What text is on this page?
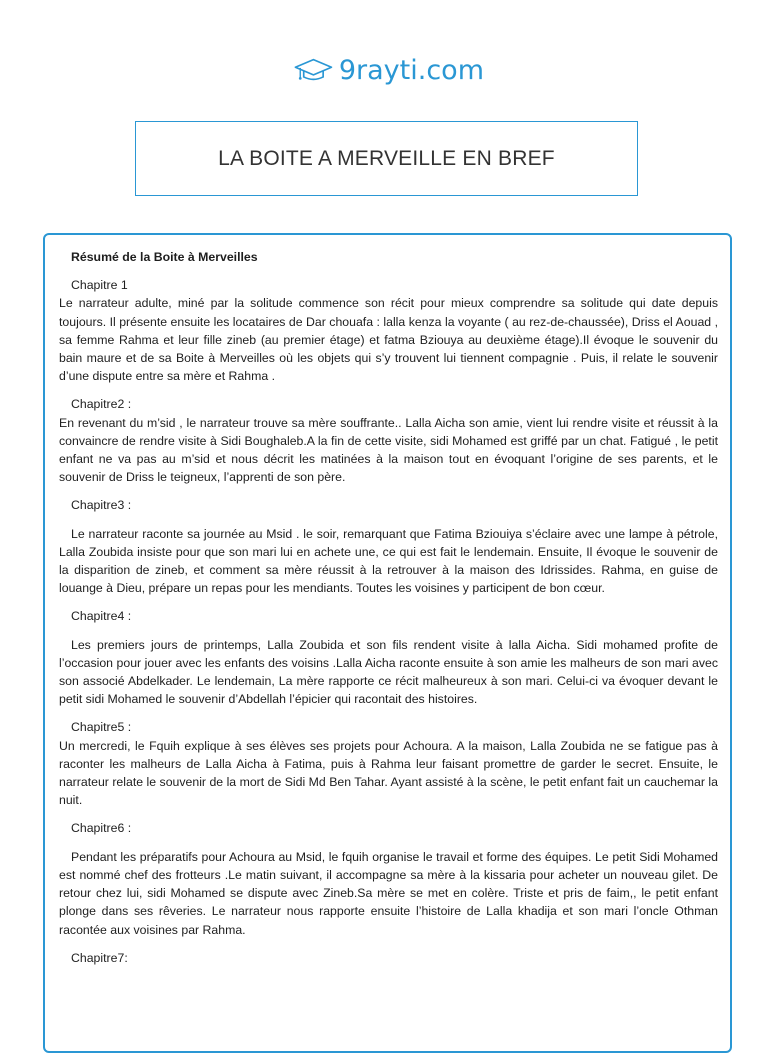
9rayti.com
LA BOITE A MERVEILLE EN BREF

Résumé de la Boite à Merveilles

Chapitre 1

Le narrateur adulte, miné par la solitude commence son récit pour mieux comprendre sa solitude qui date depuis toujours. Il présente ensuite les locataires de Dar chouafa : lalla kenza la voyante ( au rez-de-chaussée), Driss el Aouad , sa femme Rahma et leur fille zineb (au premier étage) et fatma Bziouya au deuxième étage).Il évoque le souvenir du bain maure et de sa Boite à Merveilles où les objets qui s’y trouvent lui tiennent compagnie . Puis, il relate le souvenir d’une dispute entre sa mère et Rahma .

Chapitre2 :

En revenant du m’sid , le narrateur trouve sa mère souffrante.. Lalla Aicha son amie, vient lui rendre visite et réussit à la convaincre de rendre visite à Sidi Boughaleb.A la fin de cette visite, sidi Mohamed est griffé par un chat. Fatigué , le petit enfant ne va pas au m’sid et nous décrit les matinées à la maison tout en évoquant l’origine de ses parents, et le souvenir de Driss le teigneux, l’apprenti de son père.

Chapitre3 :

Le narrateur raconte sa journée au Msid . le soir, remarquant que Fatima Bziouiya s’éclaire avec une lampe à pétrole, Lalla Zoubida insiste pour que son mari lui en achete une, ce qui est fait le lendemain. Ensuite, Il évoque le souvenir de la disparition de zineb, et comment sa mère réussit à la retrouver à la maison des Idrissides. Rahma, en guise de louange à Dieu, prépare un repas pour les mendiants. Toutes les voisines y participent de bon cœur.

Chapitre4 :

Les premiers jours de printemps, Lalla Zoubida et son fils rendent visite à lalla Aicha. Sidi mohamed profite de l’occasion pour jouer avec les enfants des voisins .Lalla Aicha raconte ensuite à son amie les malheurs de son mari avec son associé Abdelkader. Le lendemain, La mère rapporte ce récit malheureux à son mari. Celui-ci va évoquer devant le petit sidi Mohamed le souvenir d’Abdellah l’épicier qui racontait des histoires.

Chapitre5 :

Un mercredi, le Fquih explique à ses élèves ses projets pour Achoura. A la maison, Lalla Zoubida ne se fatigue pas à raconter les malheurs de Lalla Aicha à Fatima, puis à Rahma leur faisant promettre de garder le secret. Ensuite, le narrateur relate le souvenir de la mort de Sidi Md Ben Tahar. Ayant assisté à la scène, le petit enfant fait un cauchemar la nuit.

Chapitre6 :

Pendant les préparatifs pour Achoura au Msid, le fquih organise le travail et forme des équipes. Le petit Sidi Mohamed est nommé chef des frotteurs .Le matin suivant, il accompagne sa mère à la kissaria pour acheter un nouveau gilet. De retour chez lui, sidi Mohamed se dispute avec Zineb.Sa mère se met en colère. Triste et pris de faim,, le petit enfant plonge dans ses rêveries. Le narrateur nous rapporte ensuite l’histoire de Lalla khadija et son mari l’oncle Othman racontée aux voisines par Rahma.

Chapitre7:
